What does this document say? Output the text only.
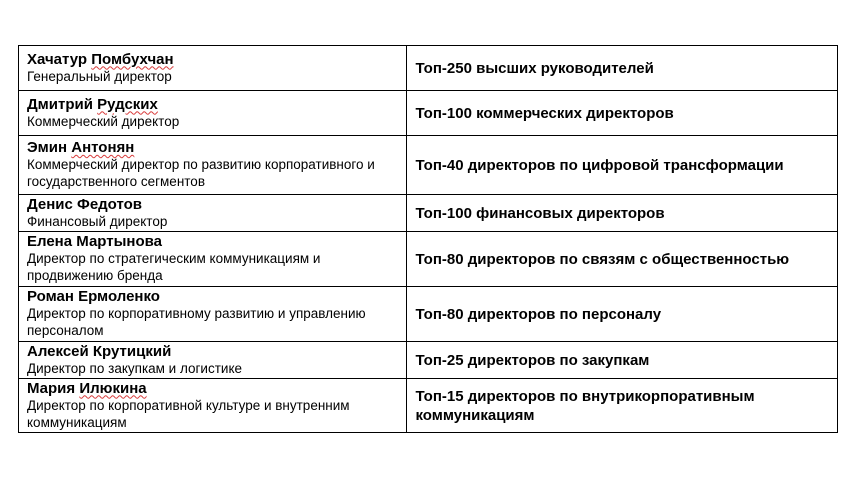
Хачатур Помбухчан
Генеральный директор	Топ-250 высших руководителей

Дмитрий Рудских
Коммерческий директор	Топ-100 коммерческих директоров

Эмин Антонян
Коммерческий директор по развитию корпоративного и государственного сегментов	Топ-40 директоров по цифровой трансформации

Денис Федотов
Финансовый директор	Топ-100 финансовых директоров

Елена Мартынова
Директор по стратегическим коммуникациям и продвижению бренда	Топ-80 директоров по связям с общественностью

Роман Ермоленко
Директор по корпоративному развитию и управлению персоналом	Топ-80 директоров по персоналу

Алексей Крутицкий
Директор по закупкам и логистике	Топ-25 директоров по закупкам

Мария Илюкина
Директор по корпоративной культуре и внутренним коммуникациям	Топ-15 директоров по внутрикорпоративным коммуникациям
